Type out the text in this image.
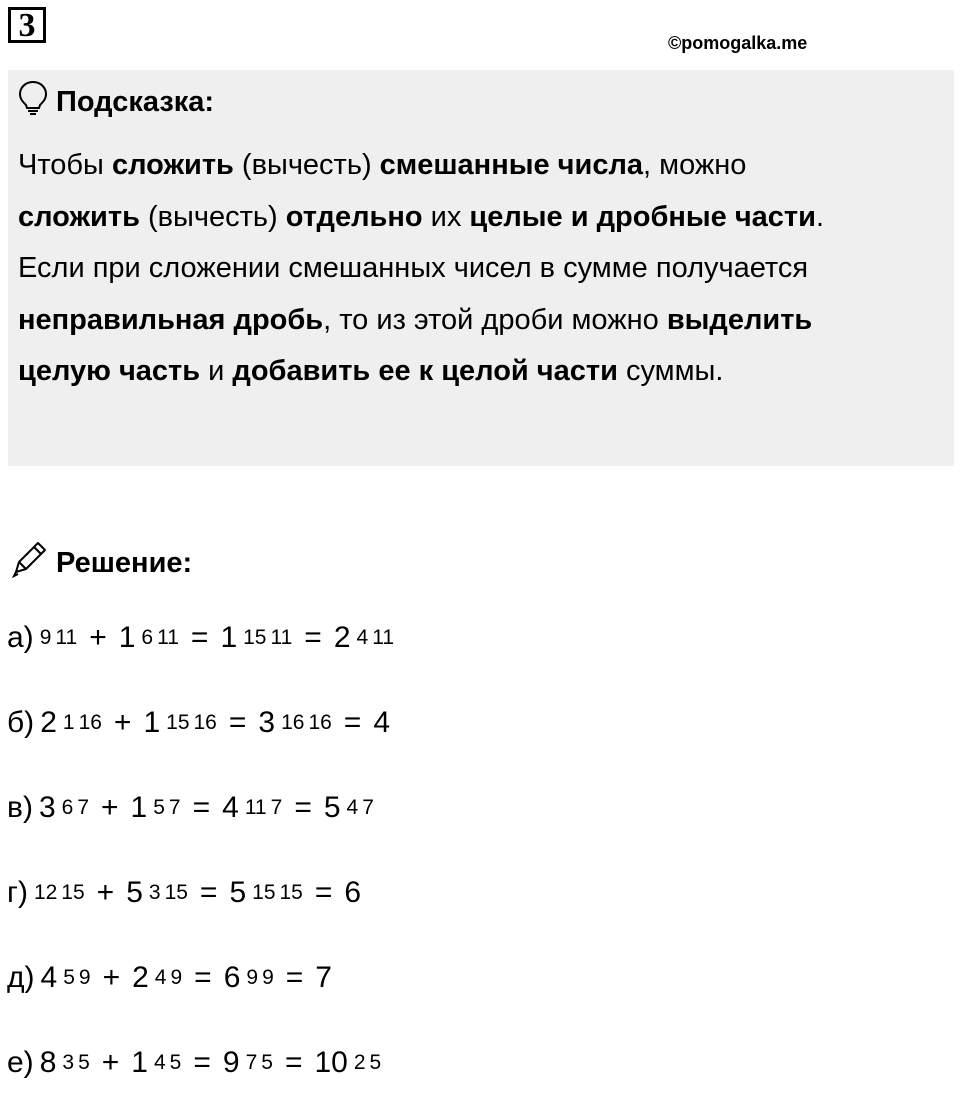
3	©pomogalka.me
Подсказка:
Чтобы сложить (вычесть) смешанные числа, можно
сложить (вычесть) отдельно их целые и дробные части.
Если при сложении смешанных чисел в сумме получается
неправильная дробь, то из этой дроби можно выделить
целую часть и добавить ее к целой части суммы.
Решение:
а) 9 11 + 1 6 11 = 1 15 11 = 2 4 11
б) 2 1 16 + 1 15 16 = 3 16 16 = 4
в) 3 6 7 + 1 5 7 = 4 11 7 = 5 4 7
г) 12 15 + 5 3 15 = 5 15 15 = 6
д) 4 5 9 + 2 4 9 = 6 9 9 = 7
е) 8 3 5 + 1 4 5 = 9 7 5 = 10 2 5
